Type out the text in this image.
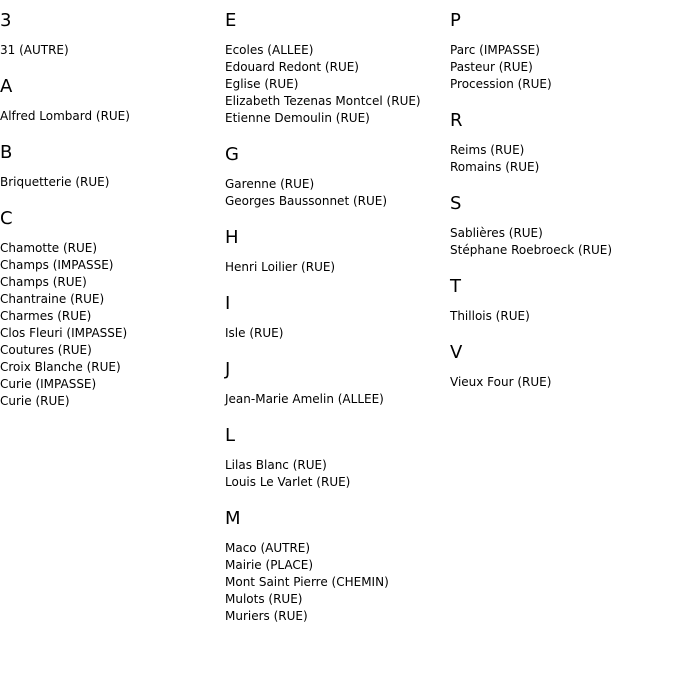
3
31 (AUTRE)
A
Alfred Lombard (RUE)
B
Briquetterie (RUE)
C
Chamotte (RUE)
Champs (IMPASSE)
Champs (RUE)
Chantraine (RUE)
Charmes (RUE)
Clos Fleuri (IMPASSE)
Coutures (RUE)
Croix Blanche (RUE)
Curie (IMPASSE)
Curie (RUE)
E
Ecoles (ALLEE)
Edouard Redont (RUE)
Eglise (RUE)
Elizabeth Tezenas Montcel (RUE)
Etienne Demoulin (RUE)
G
Garenne (RUE)
Georges Baussonnet (RUE)
H
Henri Loilier (RUE)
I
Isle (RUE)
J
Jean-Marie Amelin (ALLEE)
L
Lilas Blanc (RUE)
Louis Le Varlet (RUE)
M
Maco (AUTRE)
Mairie (PLACE)
Mont Saint Pierre (CHEMIN)
Mulots (RUE)
Muriers (RUE)
P
Parc (IMPASSE)
Pasteur (RUE)
Procession (RUE)
R
Reims (RUE)
Romains (RUE)
S
Sablières (RUE)
Stéphane Roebroeck (RUE)
T
Thillois (RUE)
V
Vieux Four (RUE)
